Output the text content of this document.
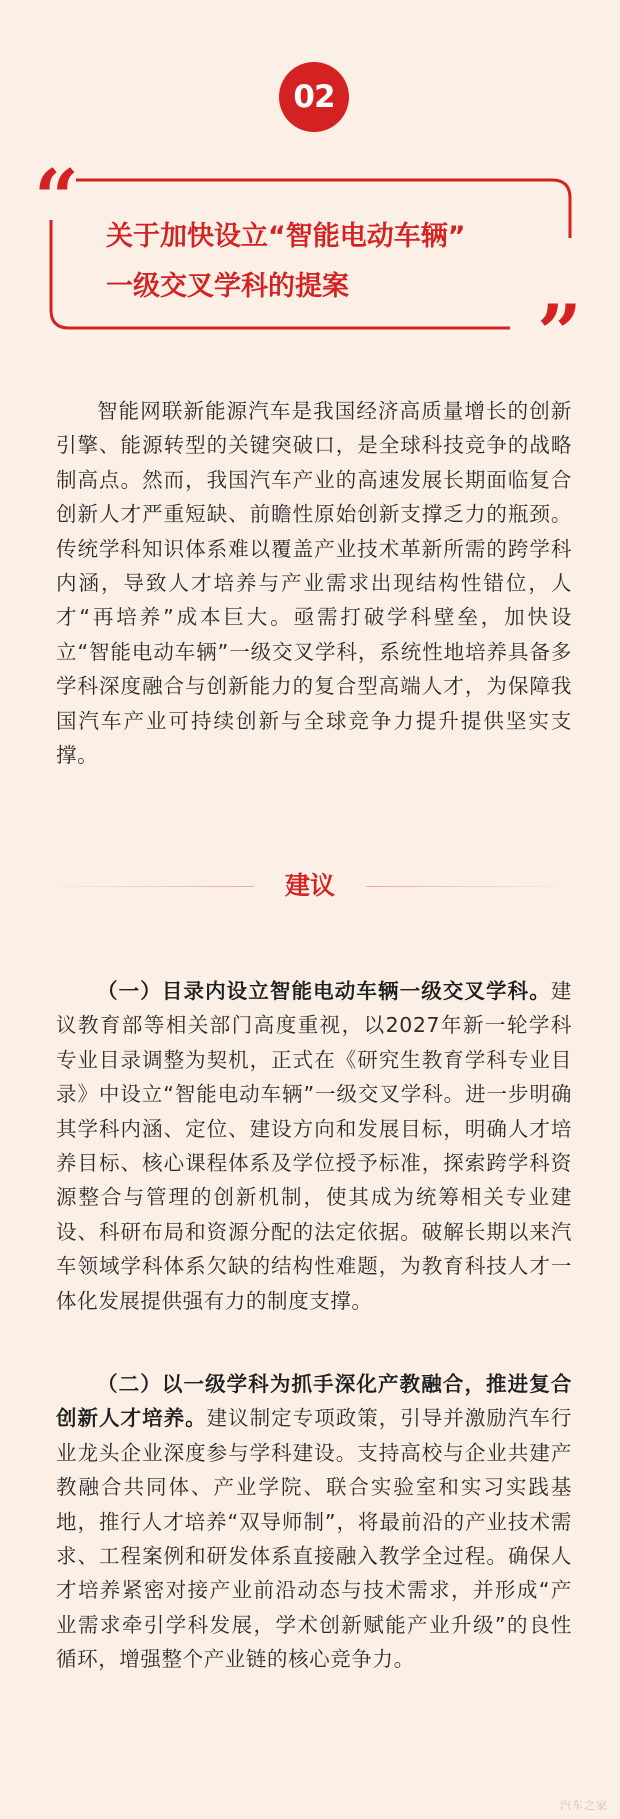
02
“
”
关于加快设立“智能电动车辆”
一级交叉学科的提案

智能网联新能源汽车是我国经济高质量增长的创新引擎、能源转型的关键突破口，是全球科技竞争的战略制高点。然而，我国汽车产业的高速发展长期面临复合创新人才严重短缺、前瞻性原始创新支撑乏力的瓶颈。传统学科知识体系难以覆盖产业技术革新所需的跨学科内涵，导致人才培养与产业需求出现结构性错位，人才“再培养”成本巨大。亟需打破学科壁垒，加快设立“智能电动车辆”一级交叉学科，系统性地培养具备多学科深度融合与创新能力的复合型高端人才，为保障我国汽车产业可持续创新与全球竞争力提升提供坚实支撑。

建议

（一）目录内设立智能电动车辆一级交叉学科。建议教育部等相关部门高度重视，以2027年新一轮学科专业目录调整为契机，正式在《研究生教育学科专业目录》中设立“智能电动车辆”一级交叉学科。进一步明确其学科内涵、定位、建设方向和发展目标，明确人才培养目标、核心课程体系及学位授予标准，探索跨学科资源整合与管理的创新机制，使其成为统筹相关专业建设、科研布局和资源分配的法定依据。破解长期以来汽车领域学科体系欠缺的结构性难题，为教育科技人才一体化发展提供强有力的制度支撑。

（二）以一级学科为抓手深化产教融合，推进复合创新人才培养。建议制定专项政策，引导并激励汽车行业龙头企业深度参与学科建设。支持高校与企业共建产教融合共同体、产业学院、联合实验室和实习实践基地，推行人才培养“双导师制”，将最前沿的产业技术需求、工程案例和研发体系直接融入教学全过程。确保人才培养紧密对接产业前沿动态与技术需求，并形成“产业需求牵引学科发展，学术创新赋能产业升级”的良性循环，增强整个产业链的核心竞争力。

汽车之家
